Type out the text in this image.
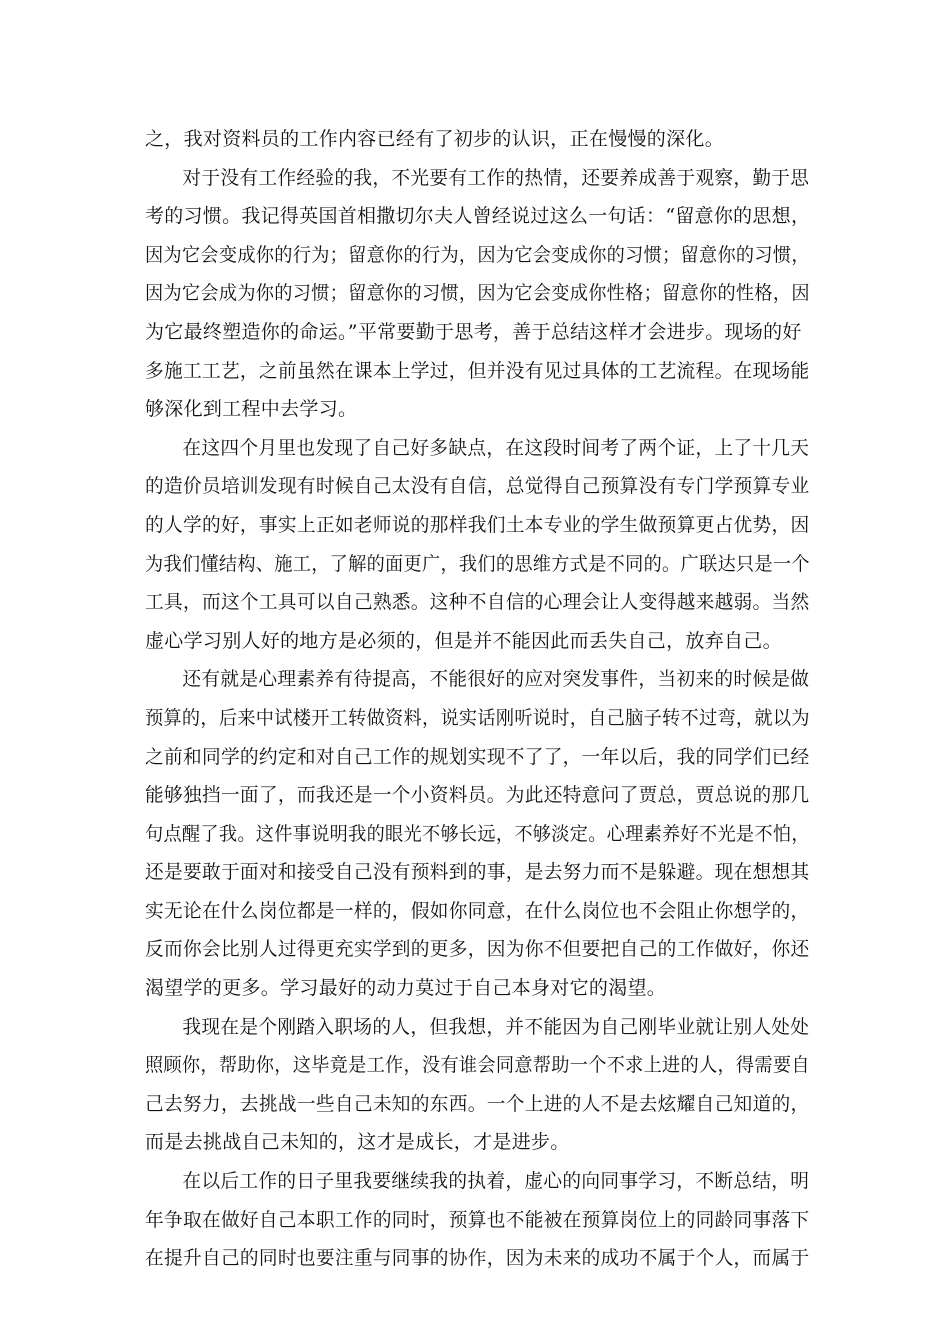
之，我对资料员的工作内容已经有了初步的认识，正在慢慢的深化。
对于没有工作经验的我，不光要有工作的热情，还要养成善于观察，勤于思
考的习惯。我记得英国首相撒切尔夫人曾经说过这么一句话：“留意你的思想，
因为它会变成你的行为；留意你的行为，因为它会变成你的习惯；留意你的习惯，
因为它会成为你的习惯；留意你的习惯，因为它会变成你性格；留意你的性格，因
为它最终塑造你的命运。”平常要勤于思考，善于总结这样才会进步。现场的好
多施工工艺，之前虽然在课本上学过，但并没有见过具体的工艺流程。在现场能
够深化到工程中去学习。
在这四个月里也发现了自己好多缺点，在这段时间考了两个证，上了十几天
的造价员培训发现有时候自己太没有自信，总觉得自己预算没有专门学预算专业
的人学的好，事实上正如老师说的那样我们土本专业的学生做预算更占优势，因
为我们懂结构、施工，了解的面更广，我们的思维方式是不同的。广联达只是一个
工具，而这个工具可以自己熟悉。这种不自信的心理会让人变得越来越弱。当然
虚心学习别人好的地方是必须的，但是并不能因此而丢失自己，放弃自己。
还有就是心理素养有待提高，不能很好的应对突发事件，当初来的时候是做
预算的，后来中试楼开工转做资料，说实话刚听说时，自己脑子转不过弯，就以为
之前和同学的约定和对自己工作的规划实现不了了，一年以后，我的同学们已经
能够独挡一面了，而我还是一个小资料员。为此还特意问了贾总，贾总说的那几
句点醒了我。这件事说明我的眼光不够长远，不够淡定。心理素养好不光是不怕，
还是要敢于面对和接受自己没有预料到的事，是去努力而不是躲避。现在想想其
实无论在什么岗位都是一样的，假如你同意，在什么岗位也不会阻止你想学的，
反而你会比别人过得更充实学到的更多，因为你不但要把自己的工作做好，你还
渴望学的更多。学习最好的动力莫过于自己本身对它的渴望。
我现在是个刚踏入职场的人，但我想，并不能因为自己刚毕业就让别人处处
照顾你，帮助你，这毕竟是工作，没有谁会同意帮助一个不求上进的人，得需要自
己去努力，去挑战一些自己未知的东西。一个上进的人不是去炫耀自己知道的，
而是去挑战自己未知的，这才是成长，才是进步。
在以后工作的日子里我要继续我的执着，虚心的向同事学习，不断总结，明
年争取在做好自己本职工作的同时，预算也不能被在预算岗位上的同龄同事落下
在提升自己的同时也要注重与同事的协作，因为未来的成功不属于个人，而属于
